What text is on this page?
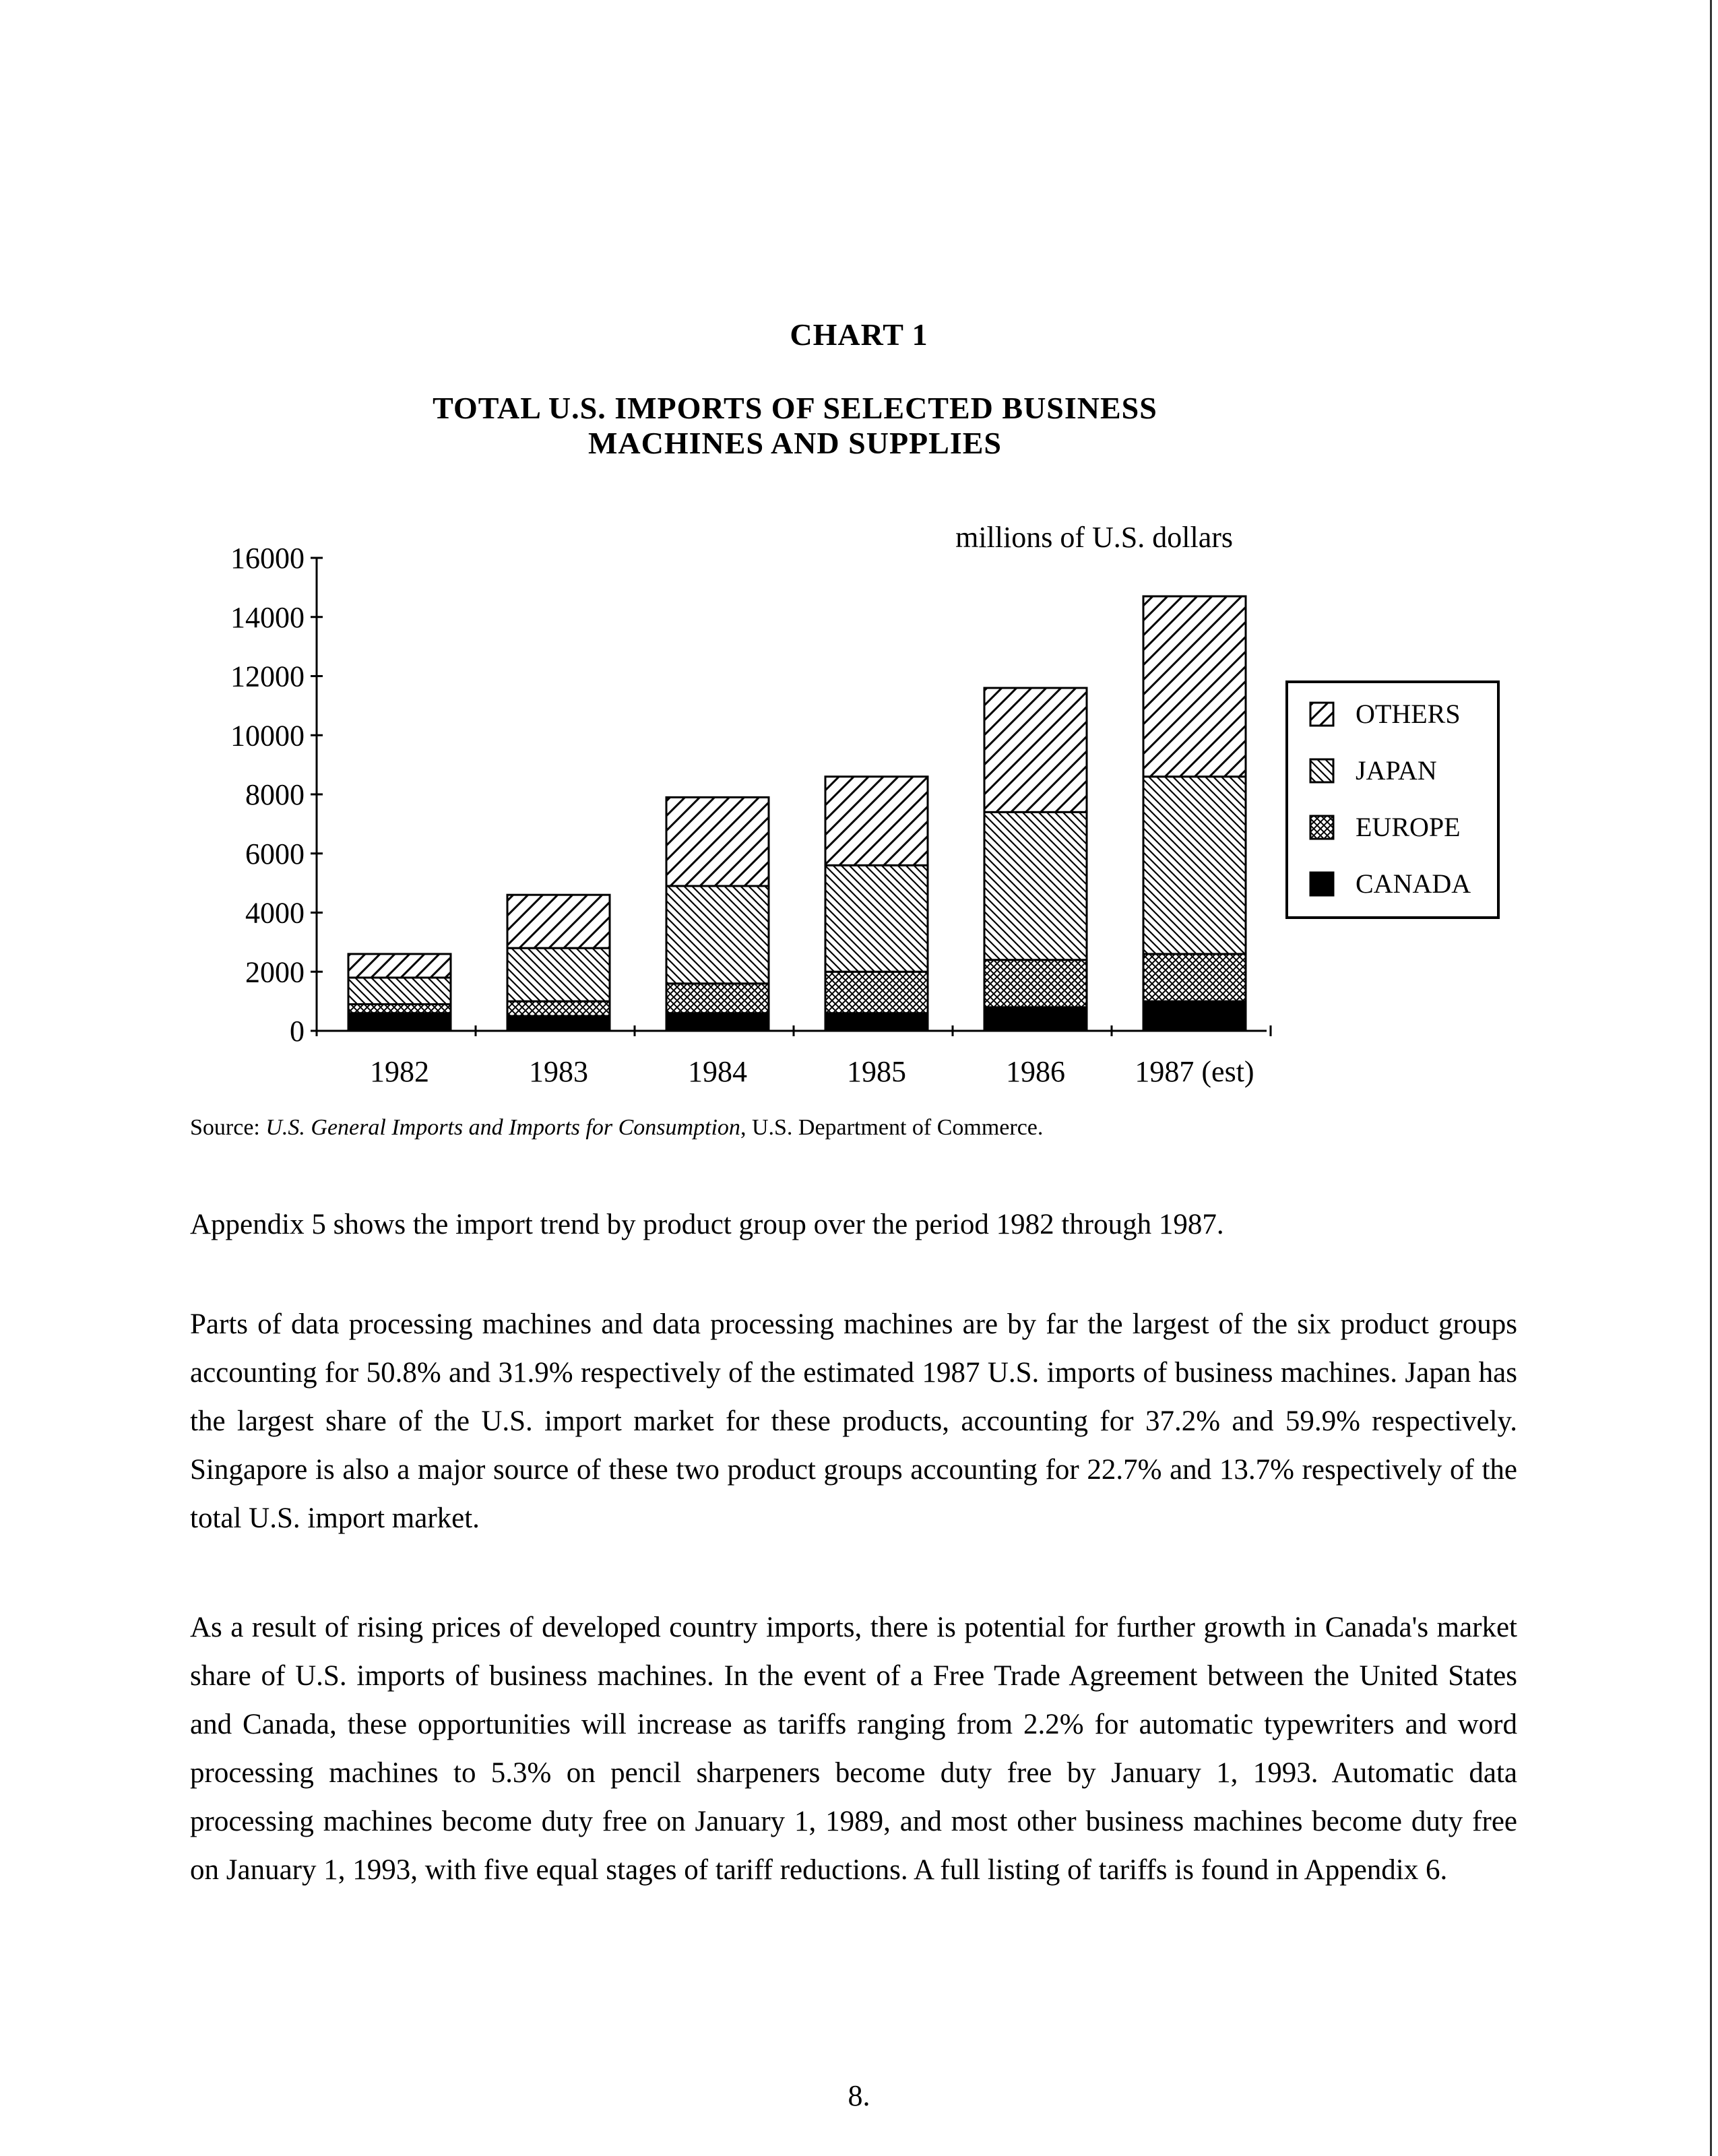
CHART 1
TOTAL U.S. IMPORTS OF SELECTED BUSINESS
MACHINES AND SUPPLIES
0
2000
4000
6000
8000
10000
12000
14000
16000
1982	1983	1984	1985	1986 1987 (est)
millions of U.S. dollars
OTHERS
JAPAN
EUROPE
CANADA
Source: U.S. General Imports and Imports for Consumption, U.S. Department of Commerce.
Appendix 5 shows the import trend by product group over the period 1982 through 1987.
Parts of data processing machines and data processing machines are by far the largest of the six product groups accounting for 50.8% and 31.9% respectively of the estimated 1987 U.S. imports of business machines. Japan has the largest share of the U.S. import market for these products, accounting for 37.2% and 59.9% respectively. Singapore is also a major source of these two product groups accounting for 22.7% and 13.7% respectively of the total U.S. import market.
As a result of rising prices of developed country imports, there is potential for further growth in Canada's market share of U.S. imports of business machines. In the event of a Free Trade Agreement between the United States and Canada, these opportunities will increase as tariffs ranging from 2.2% for automatic typewriters and word processing machines to 5.3% on pencil sharpeners become duty free by January 1, 1993. Automatic data processing machines become duty free on January 1, 1989, and most other business machines become duty free on January 1, 1993, with five equal stages of tariff reductions. A full listing of tariffs is found in Appendix 6.
8.
